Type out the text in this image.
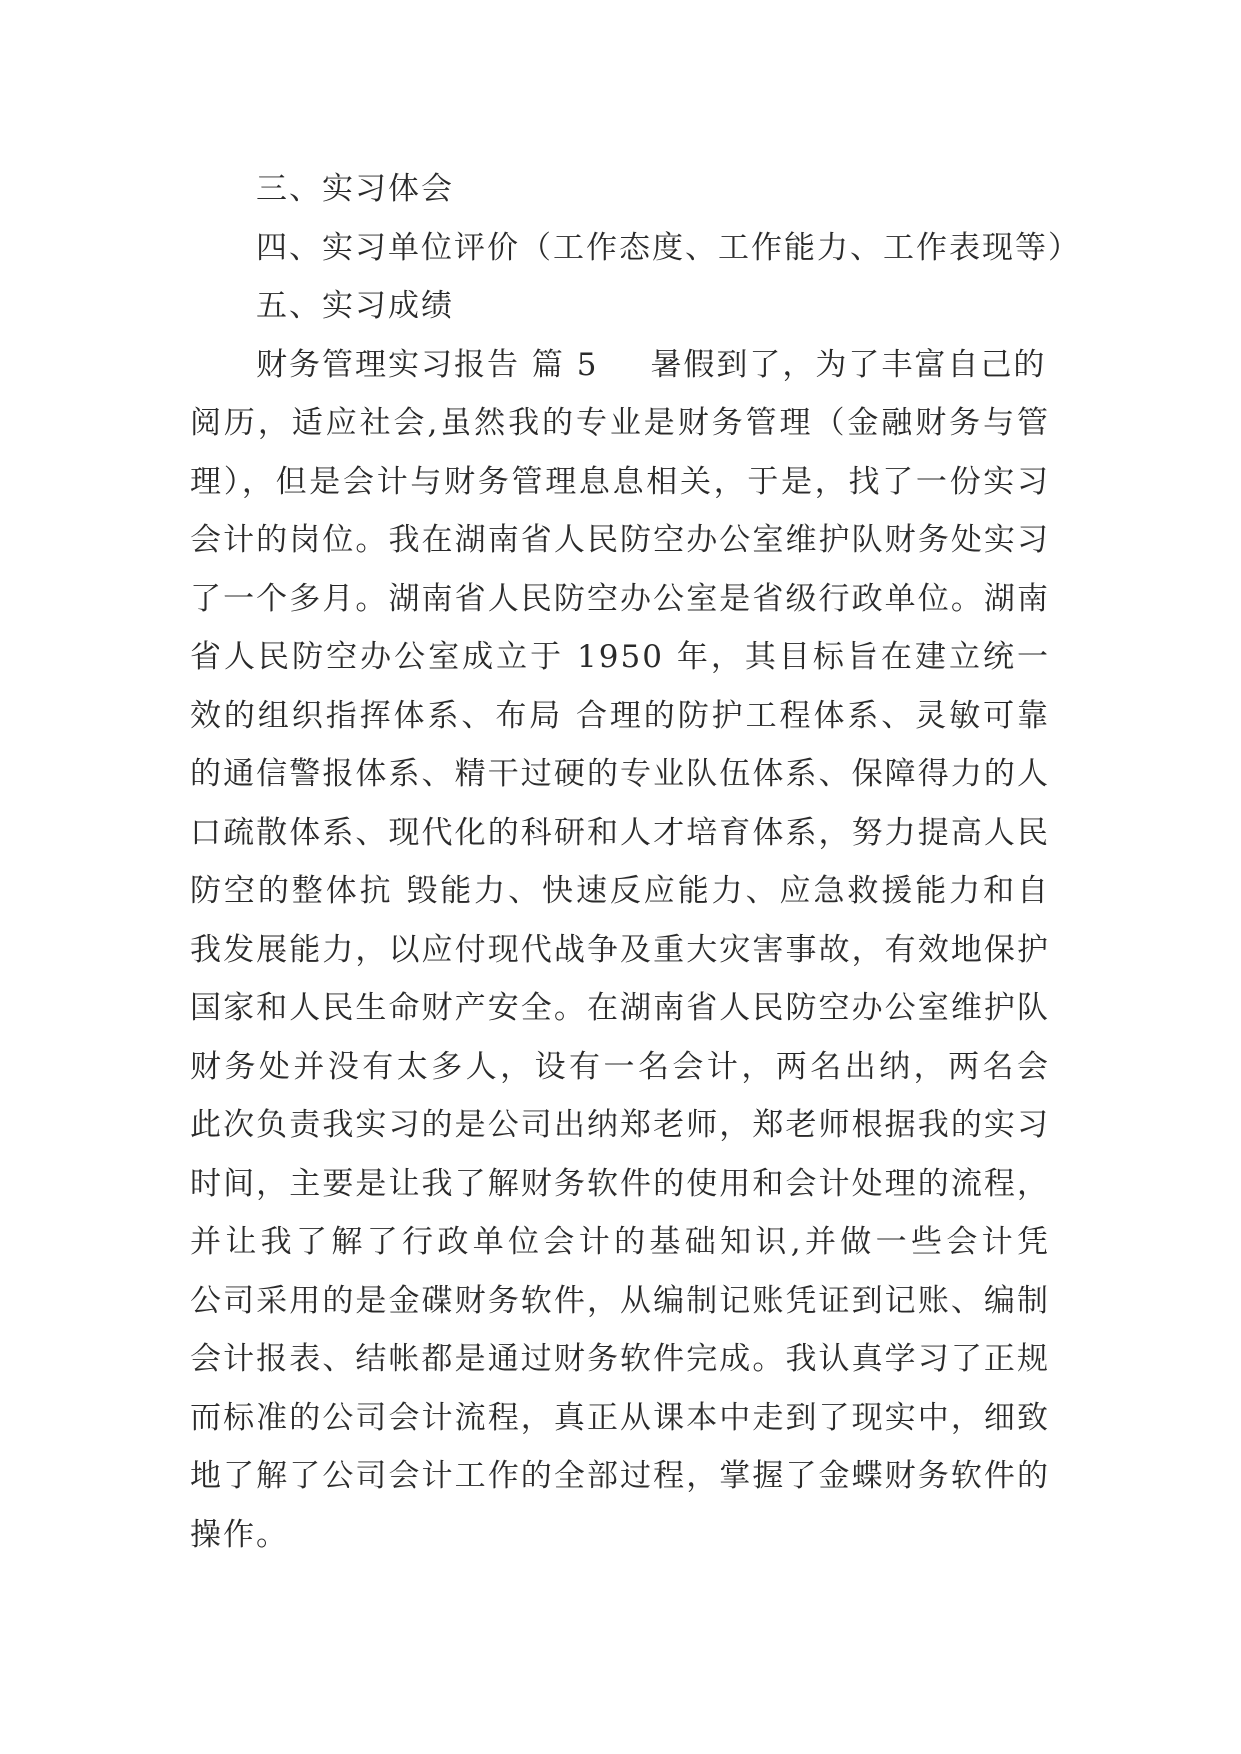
三、实习体会
四、实习单位评价（工作态度、工作能力、工作表现等）
五、实习成绩
财务管理实习报告 篇 5 暑假到了，为了丰富自己的
阅历，适应社会,虽然我的专业是财务管理（金融财务与管
理），但是会计与财务管理息息相关，于是，找了一份实习
会计的岗位。我在湖南省人民防空办公室维护队财务处实习
了一个多月。湖南省人民防空办公室是省级行政单位。湖南
省人民防空办公室成立于 1950 年，其目标旨在建立统一
效的组织指挥体系、布局 合理的防护工程体系、灵敏可靠
的通信警报体系、精干过硬的专业队伍体系、保障得力的人
口疏散体系、现代化的科研和人才培育体系，努力提高人民
防空的整体抗 毁能力、快速反应能力、应急救援能力和自
我发展能力，以应付现代战争及重大灾害事故，有效地保护
国家和人民生命财产安全。在湖南省人民防空办公室维护队
财务处并没有太多人，设有一名会计，两名出纳，两名会
此次负责我实习的是公司出纳郑老师，郑老师根据我的实习
时间，主要是让我了解财务软件的使用和会计处理的流程，
并让我了解了行政单位会计的基础知识,并做一些会计凭
公司采用的是金碟财务软件，从编制记账凭证到记账、编制
会计报表、结帐都是通过财务软件完成。我认真学习了正规
而标准的公司会计流程，真正从课本中走到了现实中，细致
地了解了公司会计工作的全部过程，掌握了金蝶财务软件的
操作。
